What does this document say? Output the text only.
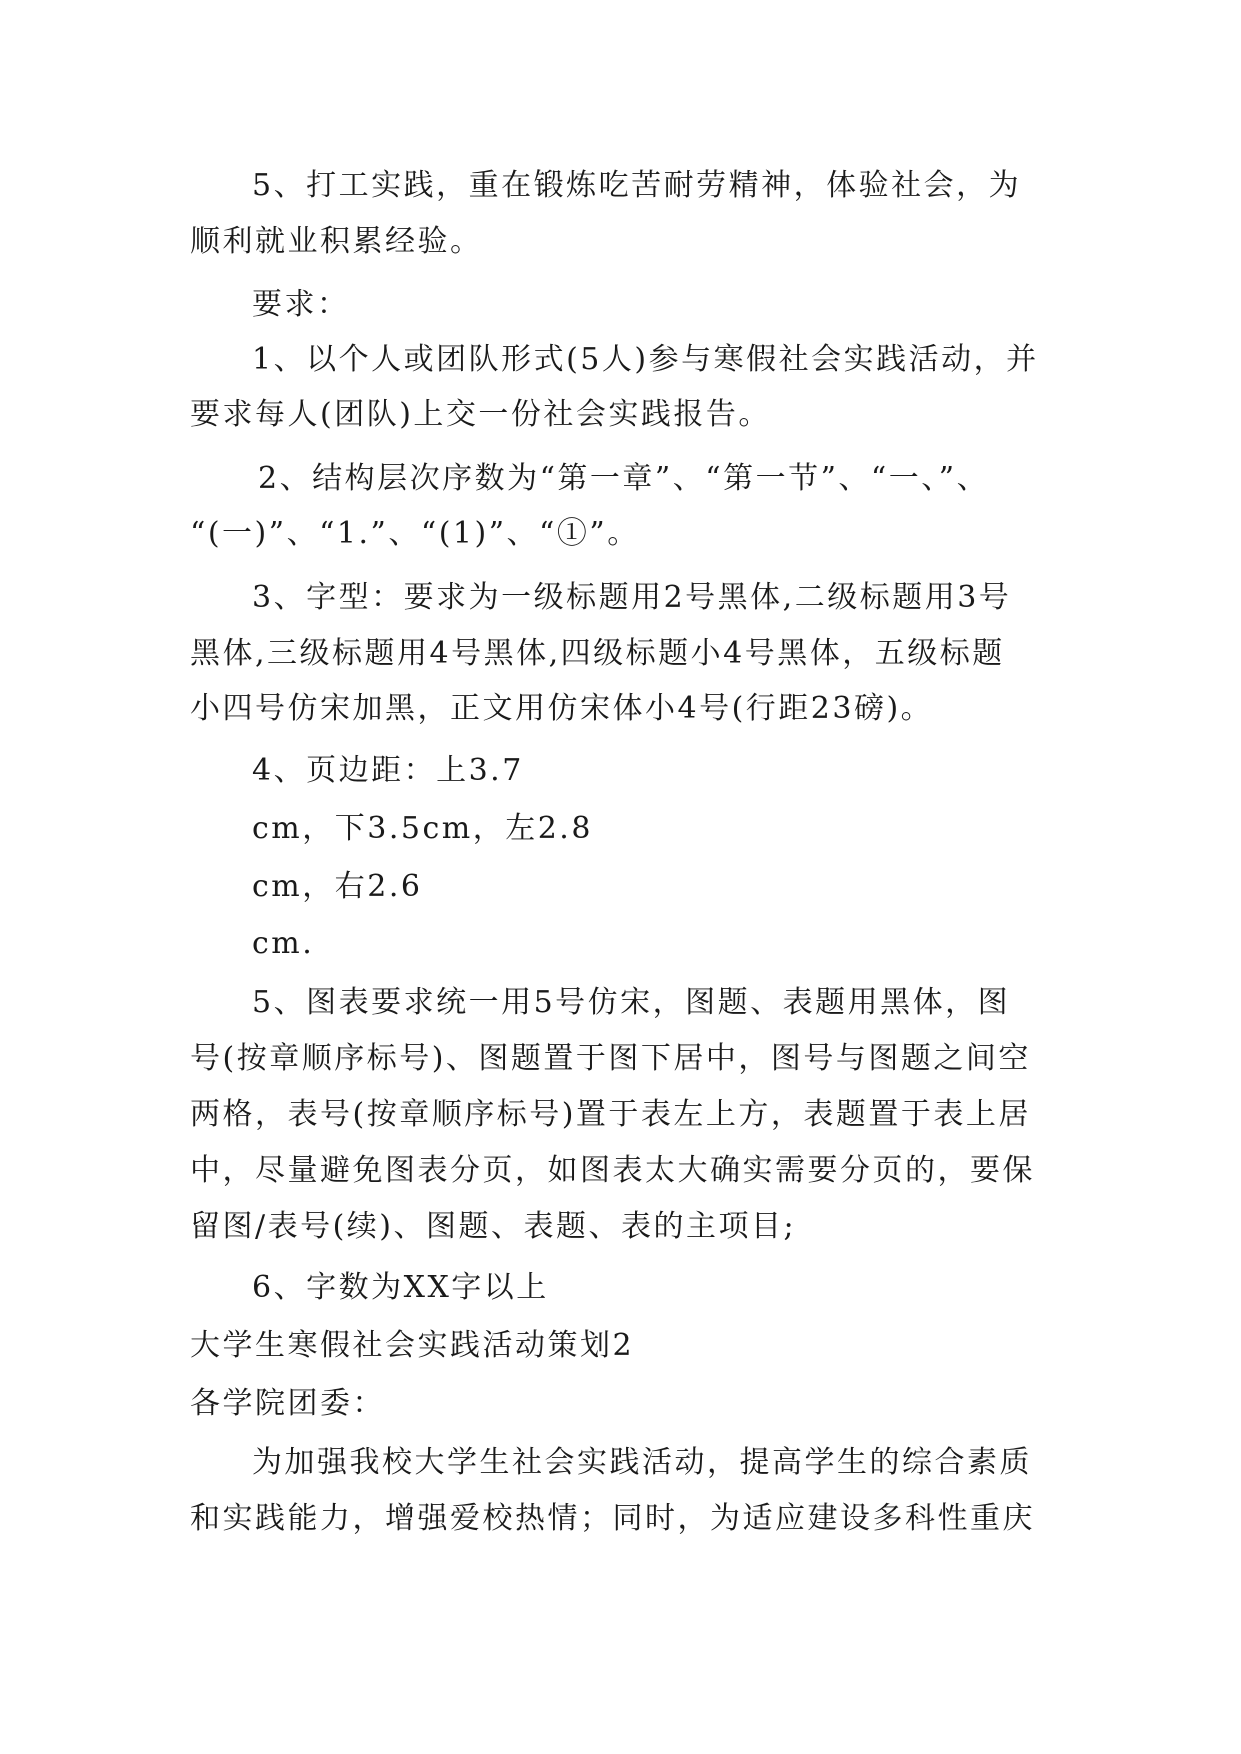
5、打工实践，重在锻炼吃苦耐劳精神，体验社会，为
顺利就业积累经验。
要求：
1、以个人或团队形式(5人)参与寒假社会实践活动，并
要求每人(团队)上交一份社会实践报告。
2、结构层次序数为“第一章”、“第一节”、“一、”、
“(一)”、“1.”、“(1)”、“①”。
3、字型：要求为一级标题用2号黑体,二级标题用3号
黑体,三级标题用4号黑体,四级标题小4号黑体，五级标题
小四号仿宋加黑，正文用仿宋体小4号(行距23磅)。
4、页边距：上3.7
cm，下3.5cm，左2.8
cm，右2.6
cm.
5、图表要求统一用5号仿宋，图题、表题用黑体，图
号(按章顺序标号)、图题置于图下居中，图号与图题之间空
两格，表号(按章顺序标号)置于表左上方，表题置于表上居
中，尽量避免图表分页，如图表太大确实需要分页的，要保
留图/表号(续)、图题、表题、表的主项目;
6、字数为XX字以上
大学生寒假社会实践活动策划2
各学院团委：
为加强我校大学生社会实践活动，提高学生的综合素质
和实践能力，增强爱校热情；同时，为适应建设多科性重庆
